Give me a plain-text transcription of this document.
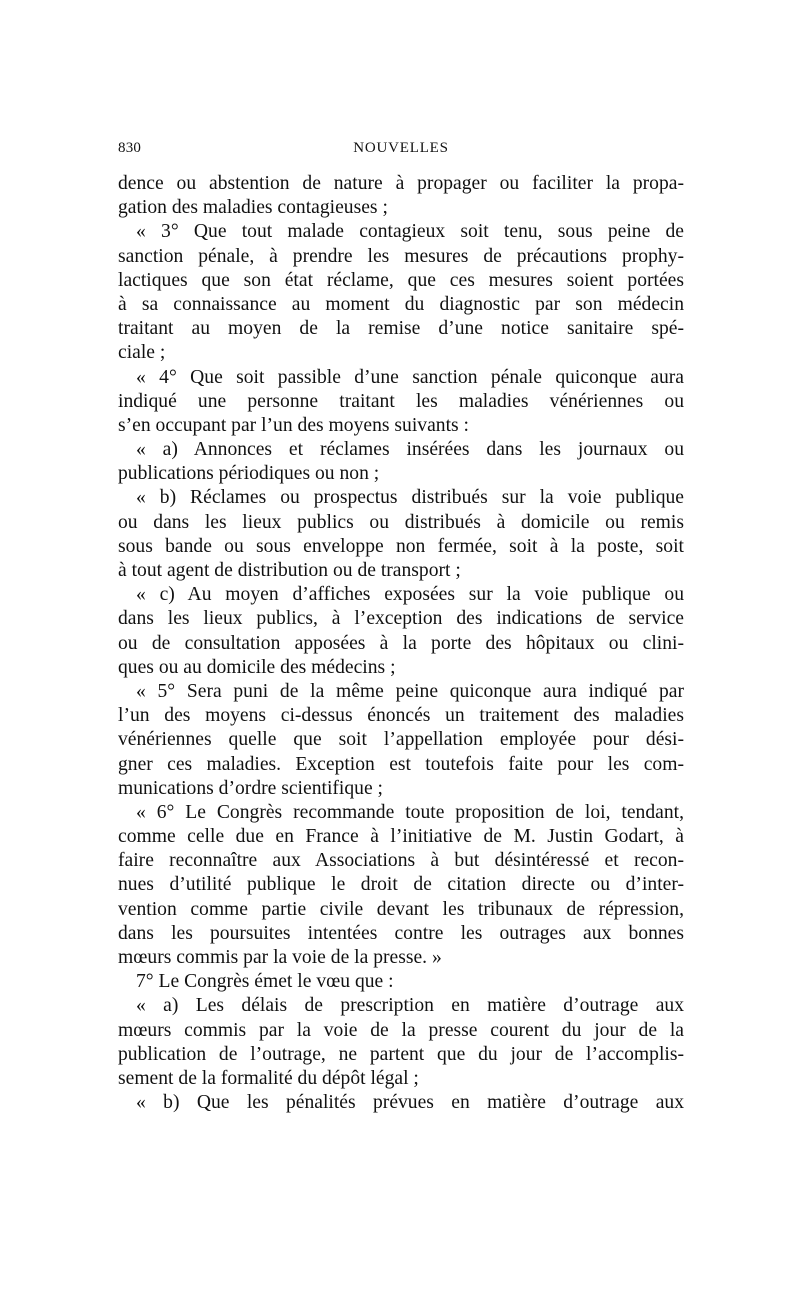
830	NOUVELLES
dence ou abstention de nature à propager ou faciliter la propa-
gation des maladies contagieuses ;
« 3° Que tout malade contagieux soit tenu, sous peine de
sanction pénale, à prendre les mesures de précautions prophy-
lactiques que son état réclame, que ces mesures soient portées
à sa connaissance au moment du diagnostic par son médecin
traitant au moyen de la remise d’une notice sanitaire spé-
ciale ;
« 4° Que soit passible d’une sanction pénale quiconque aura
indiqué une personne traitant les maladies vénériennes ou
s’en occupant par l’un des moyens suivants :
« a) Annonces et réclames insérées dans les journaux ou
publications périodiques ou non ;
« b) Réclames ou prospectus distribués sur la voie publique
ou dans les lieux publics ou distribués à domicile ou remis
sous bande ou sous enveloppe non fermée, soit à la poste, soit
à tout agent de distribution ou de transport ;
« c) Au moyen d’affiches exposées sur la voie publique ou
dans les lieux publics, à l’exception des indications de service
ou de consultation apposées à la porte des hôpitaux ou clini-
ques ou au domicile des médecins ;
« 5° Sera puni de la même peine quiconque aura indiqué par
l’un des moyens ci-dessus énoncés un traitement des maladies
vénériennes quelle que soit l’appellation employée pour dési-
gner ces maladies. Exception est toutefois faite pour les com-
munications d’ordre scientifique ;
« 6° Le Congrès recommande toute proposition de loi, tendant,
comme celle due en France à l’initiative de M. Justin Godart, à
faire reconnaître aux Associations à but désintéressé et recon-
nues d’utilité publique le droit de citation directe ou d’inter-
vention comme partie civile devant les tribunaux de répression,
dans les poursuites intentées contre les outrages aux bonnes
mœurs commis par la voie de la presse. »
7° Le Congrès émet le vœu que :
« a) Les délais de prescription en matière d’outrage aux
mœurs commis par la voie de la presse courent du jour de la
publication de l’outrage, ne partent que du jour de l’accomplis-
sement de la formalité du dépôt légal ;
« b) Que les pénalités prévues en matière d’outrage aux
